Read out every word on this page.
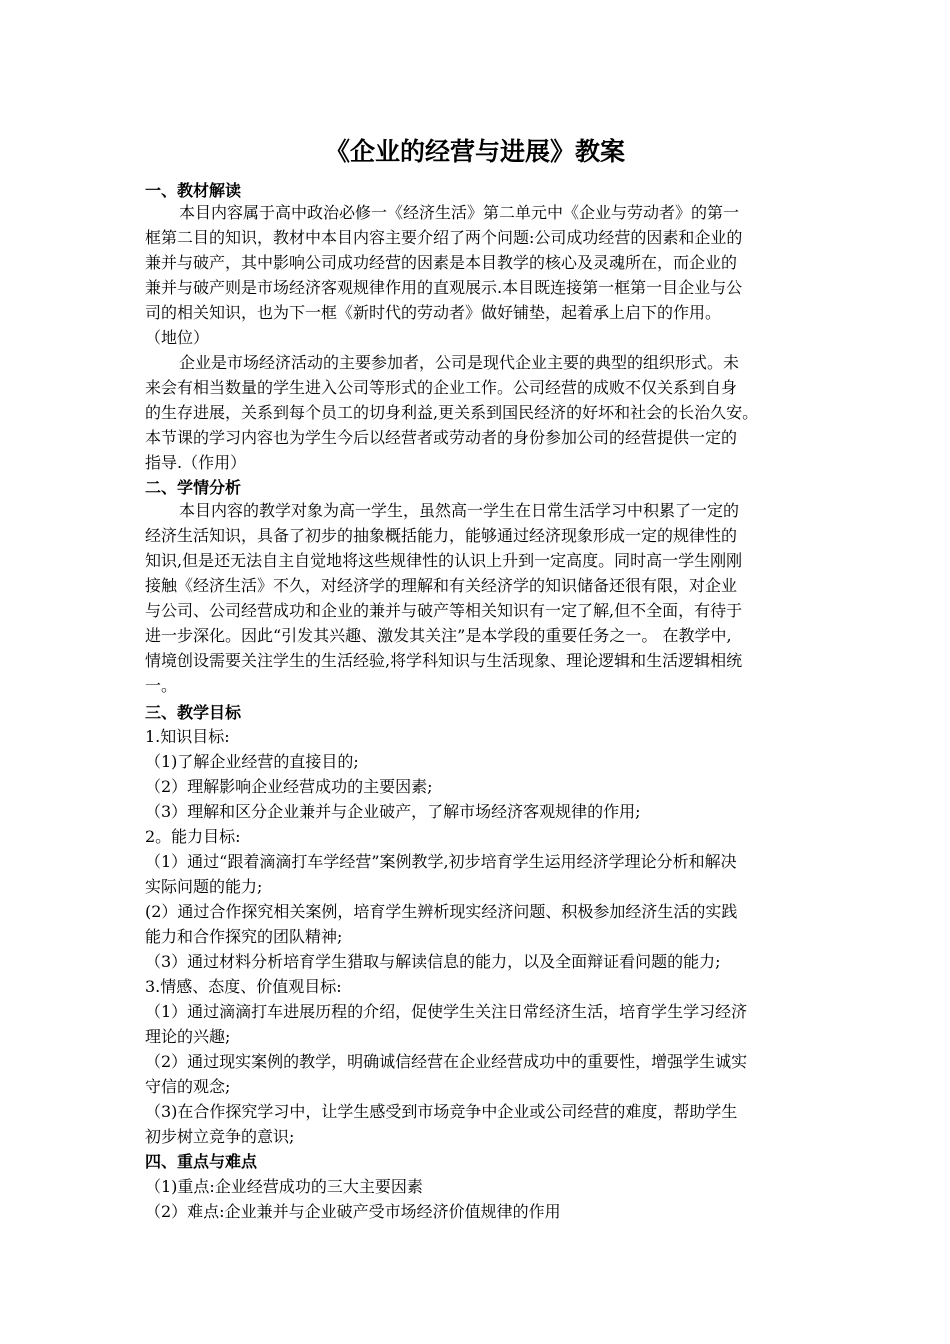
《企业的经营与进展》教案
一、教材解读
本目内容属于高中政治必修一《经济生活》第二单元中《企业与劳动者》的第一
框第二目的知识，教材中本目内容主要介绍了两个问题:公司成功经营的因素和企业的
兼并与破产，其中影响公司成功经营的因素是本目教学的核心及灵魂所在，而企业的
兼并与破产则是市场经济客观规律作用的直观展示.本目既连接第一框第一目企业与公
司的相关知识，也为下一框《新时代的劳动者》做好铺垫，起着承上启下的作用。
（地位）
企业是市场经济活动的主要参加者，公司是现代企业主要的典型的组织形式。未
来会有相当数量的学生进入公司等形式的企业工作。公司经营的成败不仅关系到自身
的生存进展，关系到每个员工的切身利益,更关系到国民经济的好坏和社会的长治久安。
本节课的学习内容也为学生今后以经营者或劳动者的身份参加公司的经营提供一定的
指导.（作用）
二、学情分析
本目内容的教学对象为高一学生，虽然高一学生在日常生活学习中积累了一定的
经济生活知识，具备了初步的抽象概括能力，能够通过经济现象形成一定的规律性的
知识,但是还无法自主自觉地将这些规律性的认识上升到一定高度。同时高一学生刚刚
接触《经济生活》不久，对经济学的理解和有关经济学的知识储备还很有限，对企业
与公司、公司经营成功和企业的兼并与破产等相关知识有一定了解,但不全面，有待于
进一步深化。因此“引发其兴趣、激发其关注”是本学段的重要任务之一。 在教学中,
情境创设需要关注学生的生活经验,将学科知识与生活现象、理论逻辑和生活逻辑相统
一。
三、教学目标
1.知识目标:
（1)了解企业经营的直接目的;
（2）理解影响企业经营成功的主要因素;
（3）理解和区分企业兼并与企业破产，了解市场经济客观规律的作用;
2。能力目标:
（1）通过“跟着滴滴打车学经营”案例教学,初步培育学生运用经济学理论分析和解决
实际问题的能力;
(2）通过合作探究相关案例，培育学生辨析现实经济问题、积极参加经济生活的实践
能力和合作探究的团队精神;
（3）通过材料分析培育学生猎取与解读信息的能力，以及全面辩证看问题的能力;
3.情感、态度、价值观目标:
（1）通过滴滴打车进展历程的介绍，促使学生关注日常经济生活，培育学生学习经济
理论的兴趣;
（2）通过现实案例的教学，明确诚信经营在企业经营成功中的重要性，增强学生诚实
守信的观念;
（3)在合作探究学习中，让学生感受到市场竞争中企业或公司经营的难度，帮助学生
初步树立竞争的意识;
四、重点与难点
（1)重点:企业经营成功的三大主要因素
（2）难点:企业兼并与企业破产受市场经济价值规律的作用
